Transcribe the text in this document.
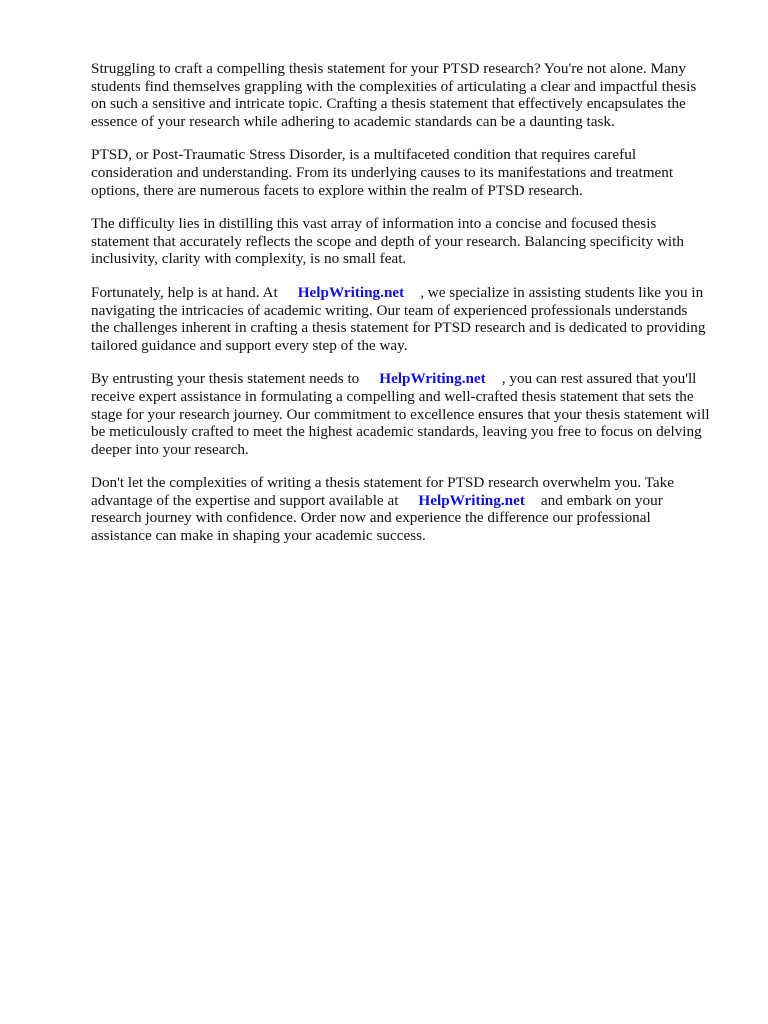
Struggling to craft a compelling thesis statement for your PTSD research? You're not alone. Many
students find themselves grappling with the complexities of articulating a clear and impactful thesis
on such a sensitive and intricate topic. Crafting a thesis statement that effectively encapsulates the
essence of your research while adhering to academic standards can be a daunting task.

PTSD, or Post-Traumatic Stress Disorder, is a multifaceted condition that requires careful
consideration and understanding. From its underlying causes to its manifestations and treatment
options, there are numerous facets to explore within the realm of PTSD research.

The difficulty lies in distilling this vast array of information into a concise and focused thesis
statement that accurately reflects the scope and depth of your research. Balancing specificity with
inclusivity, clarity with complexity, is no small feat.

Fortunately, help is at hand. At HelpWriting.net , we specialize in assisting students like you in
navigating the intricacies of academic writing. Our team of experienced professionals understands
the challenges inherent in crafting a thesis statement for PTSD research and is dedicated to providing
tailored guidance and support every step of the way.

By entrusting your thesis statement needs to HelpWriting.net , you can rest assured that you'll
receive expert assistance in formulating a compelling and well-crafted thesis statement that sets the
stage for your research journey. Our commitment to excellence ensures that your thesis statement will
be meticulously crafted to meet the highest academic standards, leaving you free to focus on delving
deeper into your research.

Don't let the complexities of writing a thesis statement for PTSD research overwhelm you. Take
advantage of the expertise and support available at HelpWriting.net and embark on your
research journey with confidence. Order now and experience the difference our professional
assistance can make in shaping your academic success.
